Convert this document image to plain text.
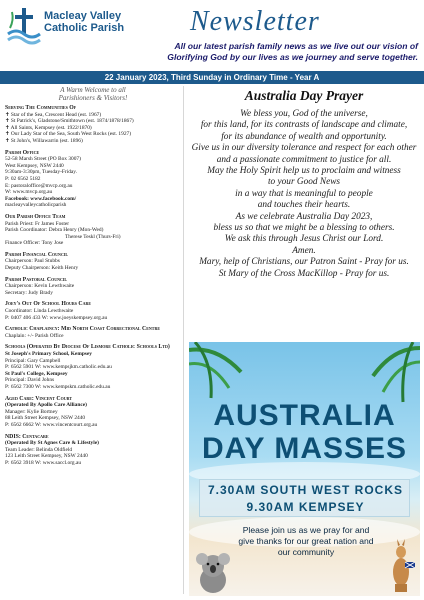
Macleay Valley
Catholic Parish	Newsletter
All our latest parish family news as we live out our vision of
Glorifying God by our lives as we journey and serve together.
22 January 2023, Third Sunday in Ordinary Time - Year A
A Warm Welcome to all
Parishioners & Visitors!
Serving The Communities Of
✝ Star of the Sea, Crescent Head (est. 1967)
✝ St Patrick's, Gladstone/Smithtown (est. 1874/1878/1867)
✝ All Saints, Kempsey (est. 1922/1870)
✝ Our Lady Star of the Sea, South West Rocks (est. 1927)
✝ St John's, Willawarrin (est. 1896)
Parish Office
52-58 Marsh Street (PO Box 3007)
West Kempsey, NSW 2440
9:30am-3:30pm, Tuesday-Friday.
P: 02 6562 5182
E: pastoraloffice@mvcp.org.au
W: www.mvcp.org.au
Facebook: www.facebook.com/
macleayvalleycatholicparish
Our Parish Office Team
Parish Priest: Fr James Foster
Parish Coordinator: Debra Henry (Mon-Wed)
Therese Teskl (Thurs-Fri)
Finance Officer: Tony Jose
Parish Financial Council
Chairperson: Paul Stubbs
Deputy Chairperson: Keith Henry
Parish Pastoral Council
Chairperson: Kevin Lewthwaite
Secretary: Judy Brady
Joey's Out Of School Hours Care
Coordinator: Linda Lewthwaite
P: 0407 406 433 W: www.joeyskempsey.org.au
Catholic Chaplaincy: Mid North Coast Correctional Centre
Chaplain: +/- Parish Office
Schools (Operated By Diocese Of Lismore Catholic Schools Ltd)
St Joseph's Primary School, Kempsey
Principal: Gary Campbell
P: 6562 5901 W: www.kempsjkm.catholic.edu.au
St Paul's College, Kempsey
Principal: David Johns
P: 6562 7300 W: www.kempskm.catholic.edu.au
Aged Care: Vincent Court
(Operated By Apollo Care Alliance)
Manager: Kylie Bortney
88 Leith Street Kempsey, NSW 2440
P: 6562 6662 W: www.vincentcourt.org.au
NDIS: Centacare
(Operated By St Agnes Care & Lifestyle)
Team Leader: Belinda Oldfield
123 Leith Street Kempsey, NSW 2440
P: 6562 3918 W: www.saccl.org.au
Australia Day Prayer
We bless you, God of the universe,
for this land, for its contrasts of landscape and climate,
for its abundance of wealth and opportunity.
Give us in our diversity tolerance and respect for each other
and a passionate commitment to justice for all.
May the Holy Spirit help us to proclaim and witness
to your Good News
in a way that is meaningful to people
and touches their hearts.
As we celebrate Australia Day 2023,
bless us so that we might be a blessing to others.
We ask this through Jesus Christ our Lord.
Amen.
Mary, help of Christians, our Patron Saint - Pray for us.
St Mary of the Cross MacKillop - Pray for us.
AUSTRALIA
DAY MASSES
7.30AM SOUTH WEST ROCKS
9.30AM KEMPSEY
Please join us as we pray for and
give thanks for our great nation and
our community
